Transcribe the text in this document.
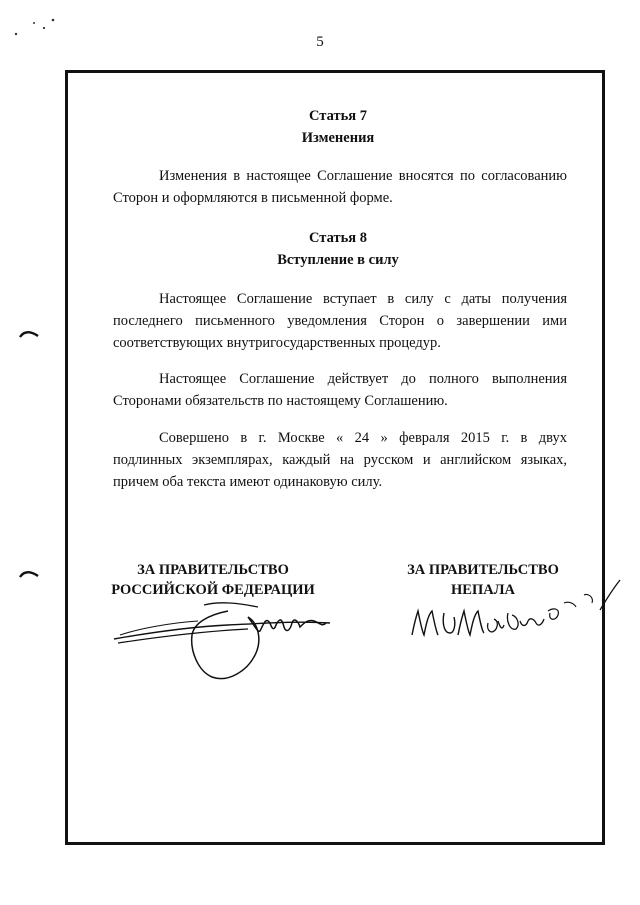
5
Статья 7
Изменения
Изменения в настоящее Соглашение вносятся по согласованию
Сторон и оформляются в письменной форме.
Статья 8
Вступление в силу
Настоящее Соглашение вступает в силу с даты получения
последнего письменного уведомления Сторон о завершении ими
соответствующих внутригосударственных процедур.
Настоящее Соглашение действует до полного выполнения
Сторонами обязательств по настоящему Соглашению.
Совершено в г. Москве « 24 » февраля 2015 г. в двух
подлинных экземплярах, каждый на русском и английском языках,
причем оба текста имеют одинаковую силу.
ЗА ПРАВИТЕЛЬСТВО
РОССИЙСКОЙ ФЕДЕРАЦИИ
ЗА ПРАВИТЕЛЬСТВО
НЕПАЛА
